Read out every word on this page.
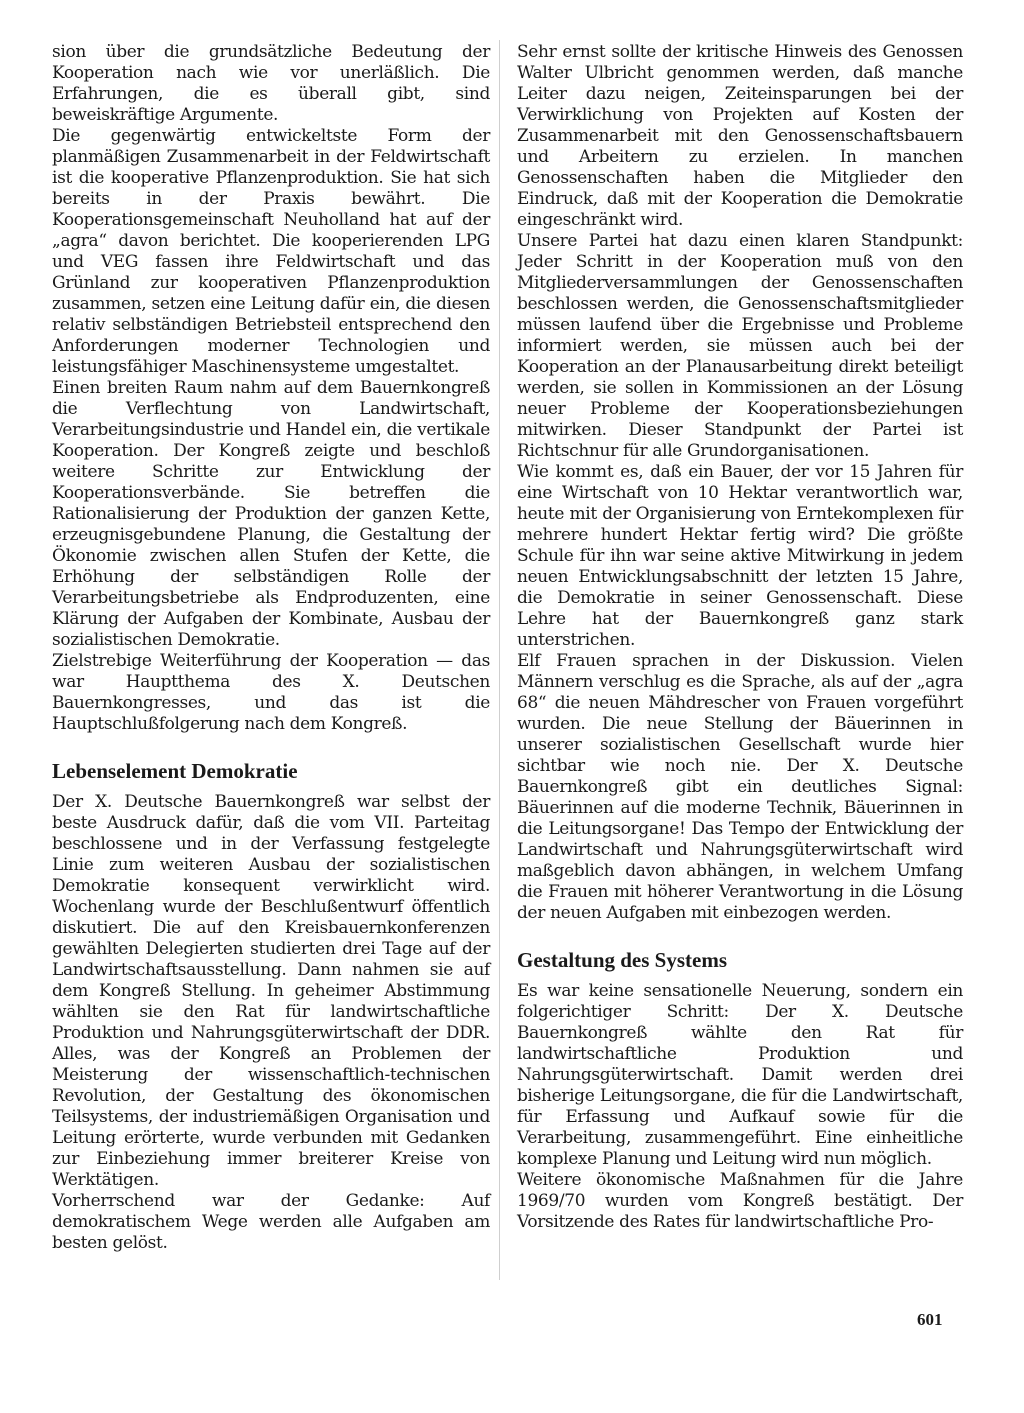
sion über die grundsätzliche Bedeutung der Kooperation nach wie vor unerläßlich. Die Erfahrungen, die es überall gibt, sind beweiskräftige Argumente.

Die gegenwärtig entwickeltste Form der planmäßigen Zusammenarbeit in der Feldwirtschaft ist die kooperative Pflanzenproduktion. Sie hat sich bereits in der Praxis bewährt. Die Kooperationsgemeinschaft Neuholland hat auf der „agra“ davon berichtet. Die kooperierenden LPG und VEG fassen ihre Feldwirtschaft und das Grünland zur kooperativen Pflanzenproduktion zusammen, setzen eine Leitung dafür ein, die diesen relativ selbständigen Betriebsteil entsprechend den Anforderungen moderner Technologien und leistungsfähiger Maschinensysteme umgestaltet.

Einen breiten Raum nahm auf dem Bauernkongreß die Verflechtung von Landwirtschaft, Verarbeitungsindustrie und Handel ein, die vertikale Kooperation. Der Kongreß zeigte und beschloß weitere Schritte zur Entwicklung der Kooperationsverbände. Sie betreffen die Rationalisierung der Produktion der ganzen Kette, erzeugnisgebundene Planung, die Gestaltung der Ökonomie zwischen allen Stufen der Kette, die Erhöhung der selbständigen Rolle der Verarbeitungsbetriebe als Endproduzenten, eine Klärung der Aufgaben der Kombinate, Ausbau der sozialistischen Demokratie.

Zielstrebige Weiterführung der Kooperation — das war Hauptthema des X. Deutschen Bauernkongresses, und das ist die Hauptschlußfolgerung nach dem Kongreß.

Lebenselement Demokratie

Der X. Deutsche Bauernkongreß war selbst der beste Ausdruck dafür, daß die vom VII. Parteitag beschlossene und in der Verfassung festgelegte Linie zum weiteren Ausbau der sozialistischen Demokratie konsequent verwirklicht wird. Wochenlang wurde der Beschlußentwurf öffentlich diskutiert. Die auf den Kreisbauernkonferenzen gewählten Delegierten studierten drei Tage auf der Landwirtschaftsausstellung. Dann nahmen sie auf dem Kongreß Stellung. In geheimer Abstimmung wählten sie den Rat für landwirtschaftliche Produktion und Nahrungsgüterwirtschaft der DDR. Alles, was der Kongreß an Problemen der Meisterung der wissenschaftlich-technischen Revolution, der Gestaltung des ökonomischen Teilsystems, der industriemäßigen Organisation und Leitung erörterte, wurde verbunden mit Gedanken zur Einbeziehung immer breiterer Kreise von Werktätigen.

Vorherrschend war der Gedanke: Auf demokratischem Wege werden alle Aufgaben am besten gelöst.

Sehr ernst sollte der kritische Hinweis des Genossen Walter Ulbricht genommen werden, daß manche Leiter dazu neigen, Zeiteinsparungen bei der Verwirklichung von Projekten auf Kosten der Zusammenarbeit mit den Genossenschaftsbauern und Arbeitern zu erzielen. In manchen Genossenschaften haben die Mitglieder den Eindruck, daß mit der Kooperation die Demokratie eingeschränkt wird.

Unsere Partei hat dazu einen klaren Standpunkt: Jeder Schritt in der Kooperation muß von den Mitgliederversammlungen der Genossenschaften beschlossen werden, die Genossenschaftsmitglieder müssen laufend über die Ergebnisse und Probleme informiert werden, sie müssen auch bei der Kooperation an der Planausarbeitung direkt beteiligt werden, sie sollen in Kommissionen an der Lösung neuer Probleme der Kooperationsbeziehungen mitwirken. Dieser Standpunkt der Partei ist Richtschnur für alle Grundorganisationen.

Wie kommt es, daß ein Bauer, der vor 15 Jahren für eine Wirtschaft von 10 Hektar verantwortlich war, heute mit der Organisierung von Erntekomplexen für mehrere hundert Hektar fertig wird? Die größte Schule für ihn war seine aktive Mitwirkung in jedem neuen Entwicklungsabschnitt der letzten 15 Jahre, die Demokratie in seiner Genossenschaft. Diese Lehre hat der Bauernkongreß ganz stark unterstrichen.

Elf Frauen sprachen in der Diskussion. Vielen Männern verschlug es die Sprache, als auf der „agra 68“ die neuen Mähdrescher von Frauen vorgeführt wurden. Die neue Stellung der Bäuerinnen in unserer sozialistischen Gesellschaft wurde hier sichtbar wie noch nie. Der X. Deutsche Bauernkongreß gibt ein deutliches Signal: Bäuerinnen auf die moderne Technik, Bäuerinnen in die Leitungsorgane! Das Tempo der Entwicklung der Landwirtschaft und Nahrungsgüterwirtschaft wird maßgeblich davon abhängen, in welchem Umfang die Frauen mit höherer Verantwortung in die Lösung der neuen Aufgaben mit einbezogen werden.

Gestaltung des Systems

Es war keine sensationelle Neuerung, sondern ein folgerichtiger Schritt: Der X. Deutsche Bauernkongreß wählte den Rat für landwirtschaftliche Produktion und Nahrungsgüterwirtschaft. Damit werden drei bisherige Leitungsorgane, die für die Landwirtschaft, für Erfassung und Aufkauf sowie für die Verarbeitung, zusammengeführt. Eine einheitliche komplexe Planung und Leitung wird nun möglich.

Weitere ökonomische Maßnahmen für die Jahre 1969/70 wurden vom Kongreß bestätigt. Der Vorsitzende des Rates für landwirtschaftliche Pro-

601
